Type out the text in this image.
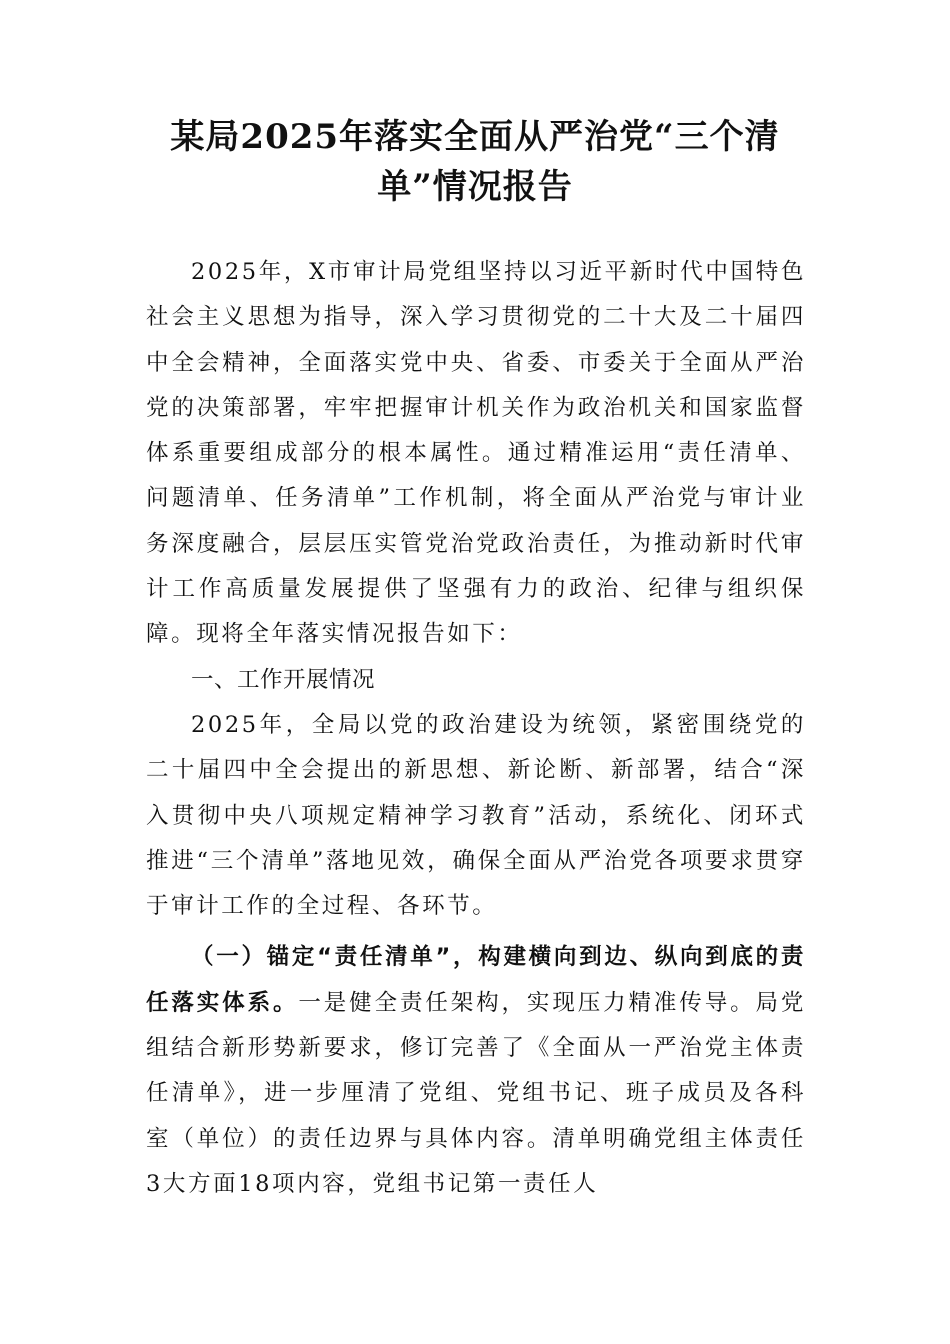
某局2025年落实全面从严治党“三个清单”情况报告

2025年，X市审计局党组坚持以习近平新时代中国特色社会主义思想为指导，深入学习贯彻党的二十大及二十届四中全会精神，全面落实党中央、省委、市委关于全面从严治党的决策部署，牢牢把握审计机关作为政治机关和国家监督体系重要组成部分的根本属性。通过精准运用“责任清单、问题清单、任务清单”工作机制，将全面从严治党与审计业务深度融合，层层压实管党治党政治责任，为推动新时代审计工作高质量发展提供了坚强有力的政治、纪律与组织保障。现将全年落实情况报告如下：

一、工作开展情况

2025年，全局以党的政治建设为统领，紧密围绕党的二十届四中全会提出的新思想、新论断、新部署，结合“深入贯彻中央八项规定精神学习教育”活动，系统化、闭环式推进“三个清单”落地见效，确保全面从严治党各项要求贯穿于审计工作的全过程、各环节。

（一）锚定“责任清单”，构建横向到边、纵向到底的责任落实体系。一是健全责任架构，实现压力精准传导。局党组结合新形势新要求，修订完善了《全面从一严治党主体责任清单》，进一步厘清了党组、党组书记、班子成员及各科室（单位）的责任边界与具体内容。清单明确党组主体责任3大方面18项内容，党组书记第一责任人
